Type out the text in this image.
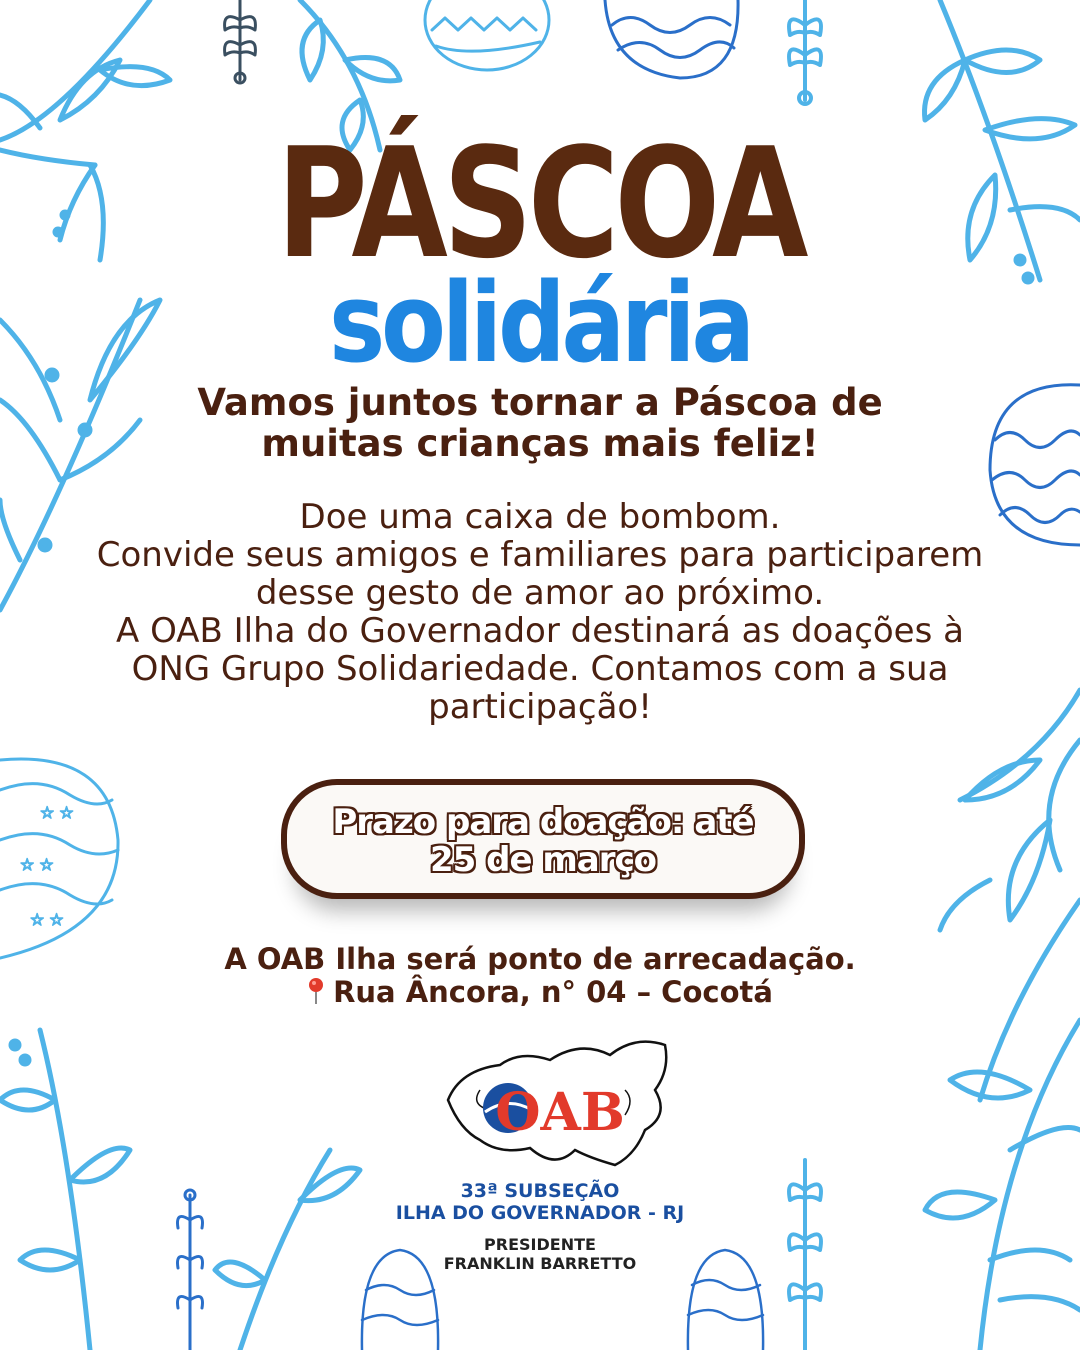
☆ ☆
☆ ☆
☆ ☆
PÁSCOA
solidária
Vamos juntos tornar a Páscoa de
muitas crianças mais feliz!
Doe uma caixa de bombom.
Convide seus amigos e familiares para participarem
desse gesto de amor ao próximo.
A OAB Ilha do Governador destinará as doações à
ONG Grupo Solidariedade. Contamos com a sua
participação!
Prazo para doação: até
25 de março
A OAB Ilha será ponto de arrecadação.
Rua Âncora, n° 04 – Cocotá
OAB
33ª SUBSEÇÃO
ILHA DO GOVERNADOR - RJ
PRESIDENTE
FRANKLIN BARRETTO
